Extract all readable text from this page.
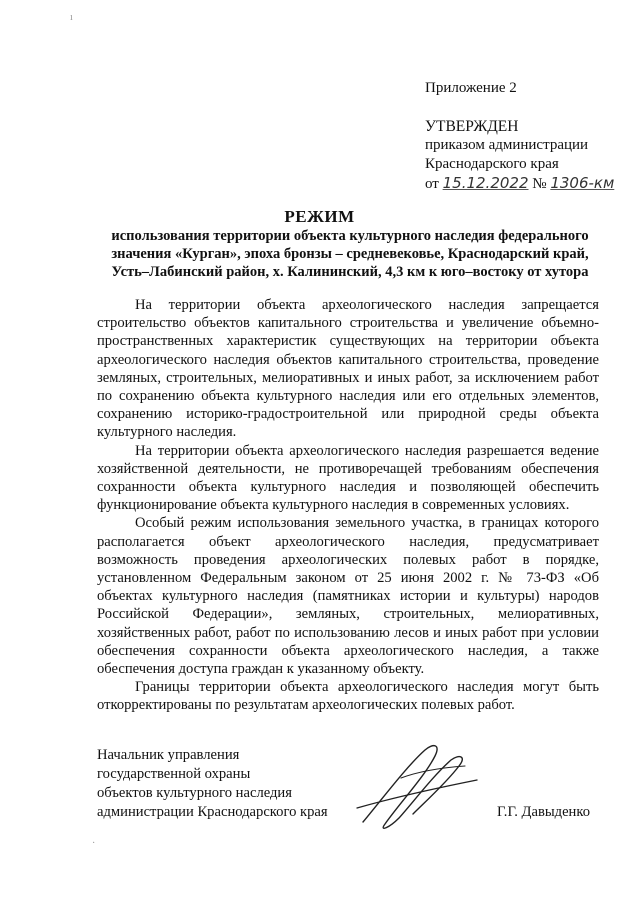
ı
·
Приложение 2
УТВЕРЖДЕН
приказом администрации
Краснодарского края
от 15.12.2022 № 1306-км
РЕЖИМ
использования территории объекта культурного наследия федерального
значения «Курган», эпоха бронзы – средневековье, Краснодарский край,
Усть–Лабинский район, х. Калининский, 4,3 км к юго–востоку от хутора

На территории объекта археологического наследия запрещается строительство объектов капитального строительства и увеличение объемно-пространственных характеристик существующих на территории объекта археологического наследия объектов капитального строительства, проведение земляных, строительных, мелиоративных и иных работ, за исключением работ по сохранению объекта культурного наследия или его отдельных элементов, сохранению историко-градостроительной или природной среды объекта культурного наследия.

На территории объекта археологического наследия разрешается ведение хозяйственной деятельности, не противоречащей требованиям обеспечения сохранности объекта культурного наследия и позволяющей обеспечить функционирование объекта культурного наследия в современных условиях.

Особый режим использования земельного участка, в границах которого располагается объект археологического наследия, предусматривает возможность проведения археологических полевых работ в порядке, установленном Федеральным законом от 25 июня 2002 г. № 73-ФЗ «Об объектах культурного наследия (памятниках истории и культуры) народов Российской Федерации», земляных, строительных, мелиоративных, хозяйственных работ, работ по использованию лесов и иных работ при условии обеспечения сохранности объекта археологического наследия, а также обеспечения доступа граждан к указанному объекту.

Границы территории объекта археологического наследия могут быть откорректированы по результатам археологических полевых работ.

Начальник управления
государственной охраны
объектов культурного наследия
администрации Краснодарского края	Г.Г. Давыденко
